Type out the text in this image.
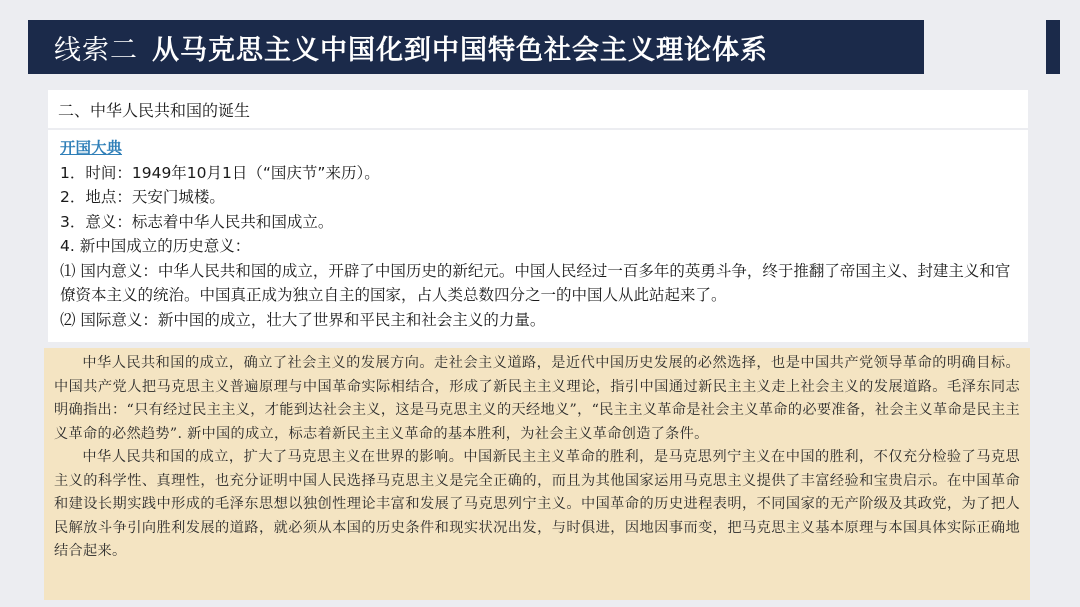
线索二 从马克思主义中国化到中国特色社会主义理论体系
二、中华人民共和国的诞生

开国大典

1．时间：1949年10月1日（“国庆节”来历）。

2．地点：天安门城楼。

3．意义：标志着中华人民共和国成立。

4. 新中国成立的历史意义：

⑴ 国内意义：中华人民共和国的成立，开辟了中国历史的新纪元。中国人民经过一百多年的英勇斗争，终于推翻了帝国主义、封建主义和官僚资本主义的统治。中国真正成为独立自主的国家，占人类总数四分之一的中国人从此站起来了。

⑵ 国际意义：新中国的成立，壮大了世界和平民主和社会主义的力量。

中华人民共和国的成立，确立了社会主义的发展方向。走社会主义道路，是近代中国历史发展的必然选择，也是中国共产党领导革命的明确目标。中国共产党人把马克思主义普遍原理与中国革命实际相结合，形成了新民主主义理论，指引中国通过新民主主义走上社会主义的发展道路。毛泽东同志明确指出：“只有经过民主主义，才能到达社会主义，这是马克思主义的天经地义”，“民主主义革命是社会主义革命的必要准备，社会主义革命是民主主义革命的必然趋势”. 新中国的成立，标志着新民主主义革命的基本胜利，为社会主义革命创造了条件。

中华人民共和国的成立，扩大了马克思主义在世界的影响。中国新民主主义革命的胜利，是马克思列宁主义在中国的胜利，不仅充分检验了马克思主义的科学性、真理性，也充分证明中国人民选择马克思主义是完全正确的，而且为其他国家运用马克思主义提供了丰富经验和宝贵启示。在中国革命和建设长期实践中形成的毛泽东思想以独创性理论丰富和发展了马克思列宁主义。中国革命的历史进程表明，不同国家的无产阶级及其政党，为了把人民解放斗争引向胜利发展的道路，就必须从本国的历史条件和现实状况出发，与时俱进，因地因事而变，把马克思主义基本原理与本国具体实际正确地结合起来。
